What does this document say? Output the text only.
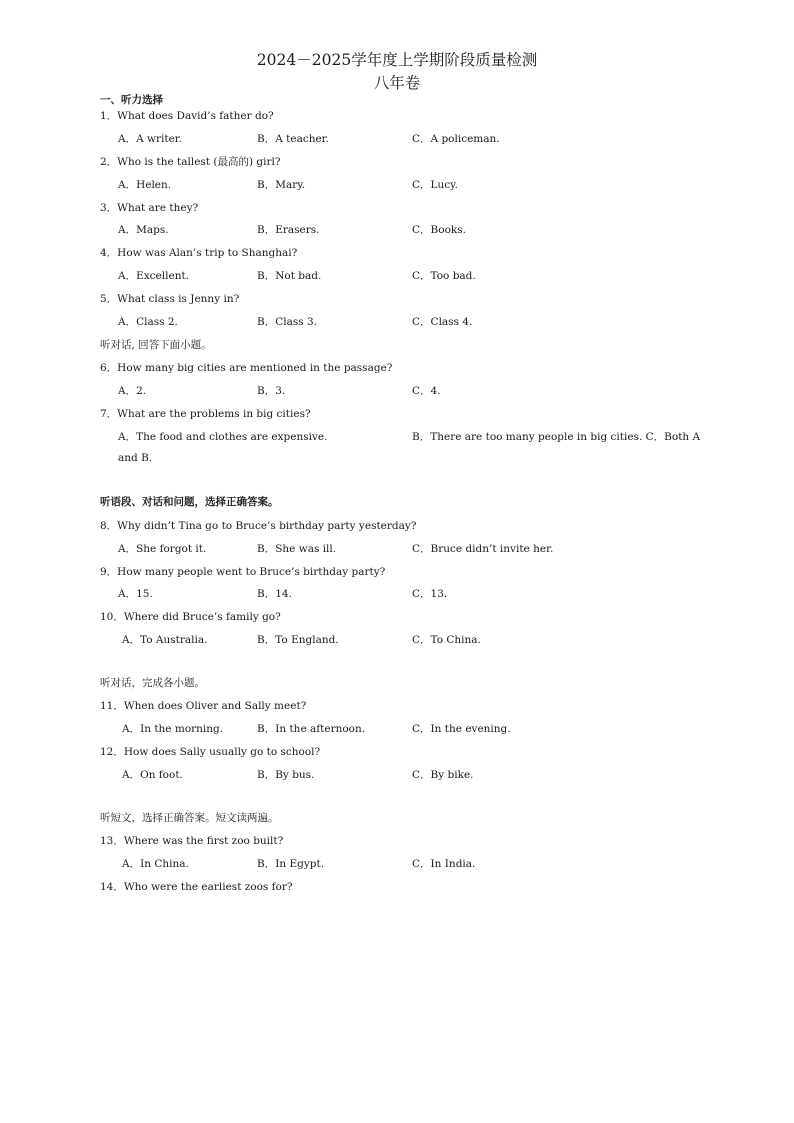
2024－2025学年度上学期阶段质量检测
八年卷
一、听力选择
1．What does David’s father do?
A．A writer.	B．A teacher.	C．A policeman.
2．Who is the tallest (最高的) girl?
A．Helen.	B．Mary.	C．Lucy.
3．What are they?
A．Maps.	B．Erasers.	C．Books.
4．How was Alan’s trip to Shanghai?
A．Excellent.	B．Not bad.	C．Too bad.
5．What class is Jenny in?
A．Class 2.	B．Class 3.	C．Class 4.
听对话, 回答下面小题。
6．How many big cities are mentioned in the passage?
A．2.	B．3.	C．4.
7．What are the problems in big cities?
A．The food and clothes are expensive.	B．There are too many people in big cities. C．Both A
and B.
听语段、对话和问题，选择正确答案。
8．Why didn’t Tina go to Bruce’s birthday party yesterday?
A．She forgot it.	B．She was ill.	C．Bruce didn’t invite her.
9．How many people went to Bruce’s birthday party?
A．15.	B．14.	C．13.
10．Where did Bruce’s family go?
A．To Australia.	B．To England.	C．To China.
听对话，完成各小题。
11．When does Oliver and Sally meet?
A．In the morning.	B．In the afternoon.	C．In the evening.
12．How does Sally usually go to school?
A．On foot.	B．By bus.	C．By bike.
听短文，选择正确答案。短文读两遍。
13．Where was the first zoo built?
A．In China.	B．In Egypt.	C．In India.
14．Who were the earliest zoos for?
